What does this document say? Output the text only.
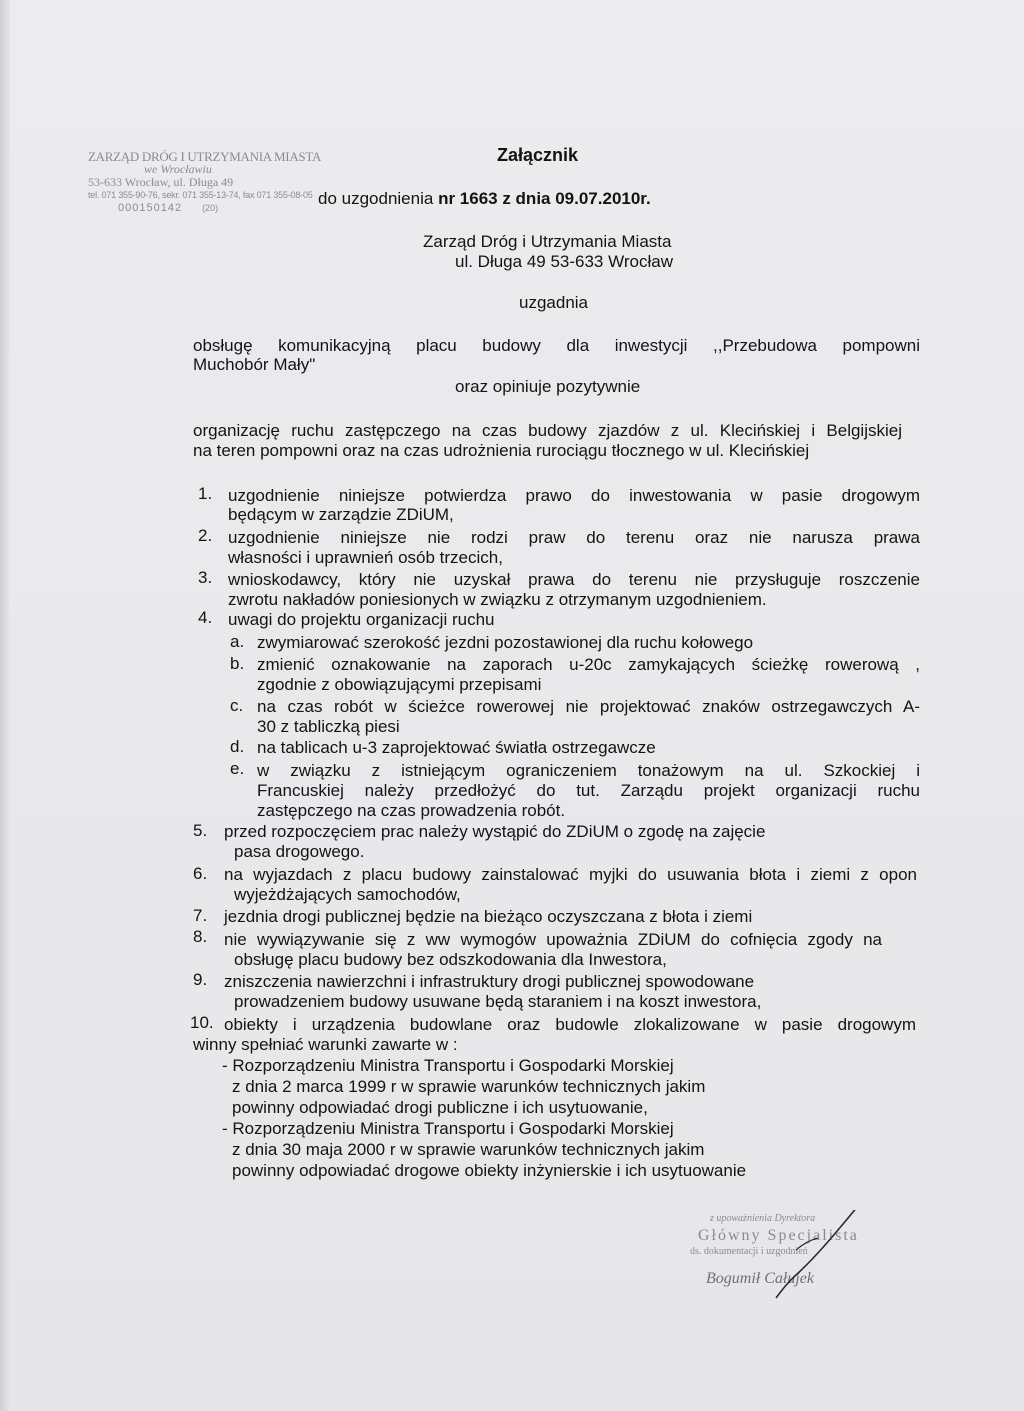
ZARZĄD DRÓG I UTRZYMANIA MIASTA
we Wrocławiu
53-633 Wrocław, ul. Długa 49
tel. 071 355-90-76, sekr. 071 355-13-74, fax 071 355-08-05
000150142 (20)
Załącznik
do uzgodnienia nr 1663 z dnia 09.07.2010r.
Zarząd Dróg i Utrzymania Miasta
ul. Długa 49 53-633 Wrocław
uzgadnia
obsługę komunikacyjną placu budowy dla inwestycji ,,Przebudowa pompowni
Muchobór Mały"
oraz opiniuje pozytywnie
organizację ruchu zastępczego na czas budowy zjazdów z ul. Klecińskiej i Belgijskiej
na teren pompowni oraz na czas udrożnienia rurociągu tłocznego w ul. Klecińskiej
1. uzgodnienie niniejsze potwierdza prawo do inwestowania w pasie drogowym
będącym w zarządzie ZDiUM,
2. uzgodnienie niniejsze nie rodzi praw do terenu oraz nie narusza prawa
własności i uprawnień osób trzecich,
3. wnioskodawcy, który nie uzyskał prawa do terenu nie przysługuje roszczenie
zwrotu nakładów poniesionych w związku z otrzymanym uzgodnieniem.
4. uwagi do projektu organizacji ruchu
a. zwymiarować szerokość jezdni pozostawionej dla ruchu kołowego
b. zmienić oznakowanie na zaporach u-20c zamykających ścieżkę rowerową ,
zgodnie z obowiązującymi przepisami
c. na czas robót w ścieżce rowerowej nie projektować znaków ostrzegawczych A-
30 z tabliczką piesi
d. na tablicach u-3 zaprojektować światła ostrzegawcze
e. w związku z istniejącym ograniczeniem tonażowym na ul. Szkockiej i
Francuskiej należy przedłożyć do tut. Zarządu projekt organizacji ruchu
zastępczego na czas prowadzenia robót.
5. przed rozpoczęciem prac należy wystąpić do ZDiUM o zgodę na zajęcie
pasa drogowego.
6. na wyjazdach z placu budowy zainstalować myjki do usuwania błota i ziemi z opon
wyjeżdżających samochodów,
7. jezdnia drogi publicznej będzie na bieżąco oczyszczana z błota i ziemi
8. nie wywiązywanie się z ww wymogów upoważnia ZDiUM do cofnięcia zgody na
obsługę placu budowy bez odszkodowania dla Inwestora,
9. zniszczenia nawierzchni i infrastruktury drogi publicznej spowodowane
prowadzeniem budowy usuwane będą staraniem i na koszt inwestora,
10. obiekty i urządzenia budowlane oraz budowle zlokalizowane w pasie drogowym
winny spełniać warunki zawarte w :
- Rozporządzeniu Ministra Transportu i Gospodarki Morskiej
z dnia 2 marca 1999 r w sprawie warunków technicznych jakim
powinny odpowiadać drogi publiczne i ich usytuowanie,
- Rozporządzeniu Ministra Transportu i Gospodarki Morskiej
z dnia 30 maja 2000 r w sprawie warunków technicznych jakim
powinny odpowiadać drogowe obiekty inżynierskie i ich usytuowanie
z upoważnienia Dyrektora
Główny Specjalista
ds. dokumentacji i uzgodnień
Bogumił Całujek
